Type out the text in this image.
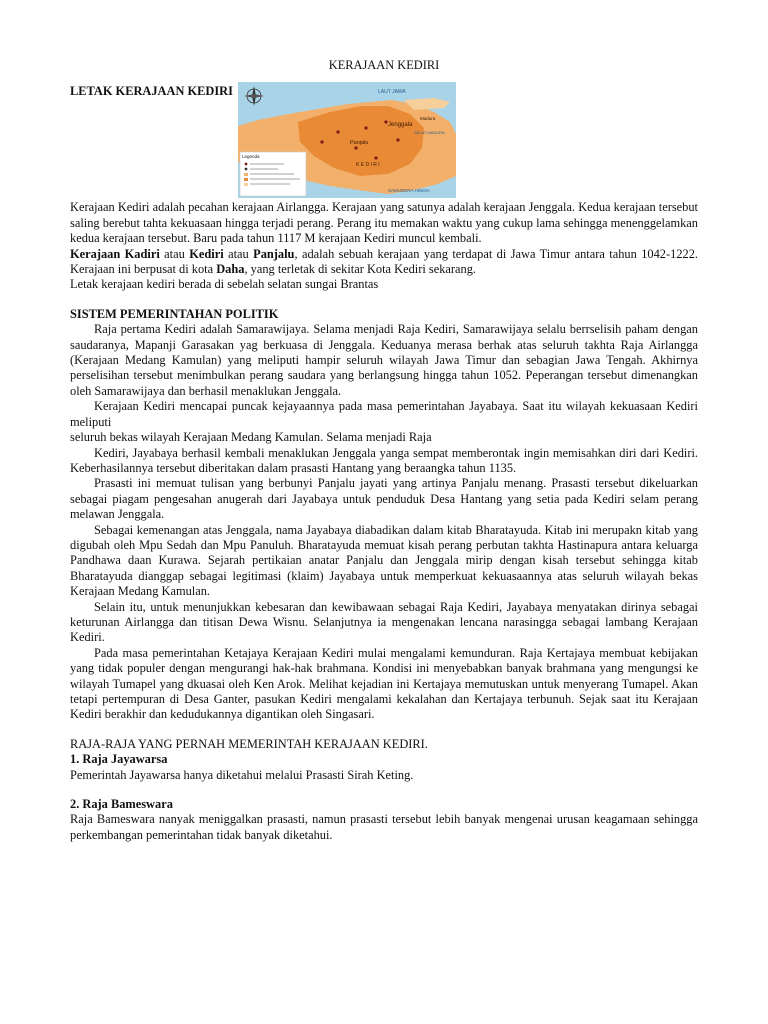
KERAJAAN KEDIRI

LETAK KERAJAAN KEDIRI	LAUT JAWA
Jenggala
Panjalu
K E D I R I
Madura
SELAT MADURA
SAMUDERA HINDIA
Legenda

Kerajaan Kediri adalah pecahan kerajaan Airlangga. Kerajaan yang satunya adalah kerajaan Jenggala. Kedua kerajaan tersebut saling berebut tahta kekuasaan hingga terjadi perang. Perang itu memakan waktu yang cukup lama sehingga menenggelamkan kedua kerajaan tersebut. Baru pada tahun 1117 M kerajaan Kediri muncul kembali.

Kerajaan Kadiri atau Kediri atau Panjalu, adalah sebuah kerajaan yang terdapat di Jawa Timur antara tahun 1042-1222. Kerajaan ini berpusat di kota Daha, yang terletak di sekitar Kota Kediri sekarang.

Letak kerajaan kediri berada di sebelah selatan sungai Brantas

SISTEM PEMERINTAHAN POLITIK

Raja pertama Kediri adalah Samarawijaya. Selama menjadi Raja Kediri, Samarawijaya selalu berrselisih paham dengan saudaranya, Mapanji Garasakan yag berkuasa di Jenggala. Keduanya merasa berhak atas seluruh takhta Raja Airlangga (Kerajaan Medang Kamulan) yang meliputi hampir seluruh wilayah Jawa Timur dan sebagian Jawa Tengah. Akhirnya perselisihan tersebut menimbulkan perang saudara yang berlangsung hingga tahun 1052. Peperangan tersebut dimenangkan oleh Samarawijaya dan berhasil menaklukan Jenggala.

Kerajaan Kediri mencapai puncak kejayaannya pada masa pemerintahan Jayabaya. Saat itu wilayah kekuasaan Kediri meliputi

seluruh bekas wilayah Kerajaan Medang Kamulan. Selama menjadi Raja

Kediri, Jayabaya berhasil kembali menaklukan Jenggala yanga sempat memberontak ingin memisahkan diri dari Kediri. Keberhasilannya tersebut diberitakan dalam prasasti Hantang yang beraangka tahun 1135.

Prasasti ini memuat tulisan yang berbunyi Panjalu jayati yang artinya Panjalu menang. Prasasti tersebut dikeluarkan sebagai piagam pengesahan anugerah dari Jayabaya untuk penduduk Desa Hantang yang setia pada Kediri selam perang melawan Jenggala.

Sebagai kemenangan atas Jenggala, nama Jayabaya diabadikan dalam kitab Bharatayuda. Kitab ini merupakn kitab yang digubah oleh Mpu Sedah dan Mpu Panuluh. Bharatayuda memuat kisah perang perbutan takhta Hastinapura antara keluarga Pandhawa daan Kurawa. Sejarah pertikaian anatar Panjalu dan Jenggala mirip dengan kisah tersebut sehingga kitab Bharatayuda dianggap sebagai legitimasi (klaim) Jayabaya untuk memperkuat kekuasaannya atas seluruh wilayah bekas Kerajaan Medang Kamulan.

Selain itu, untuk menunjukkan kebesaran dan kewibawaan sebagai Raja Kediri, Jayabaya menyatakan dirinya sebagai keturunan Airlangga dan titisan Dewa Wisnu. Selanjutnya ia mengenakan lencana narasingga sebagai lambang Kerajaan Kediri.

Pada masa pemerintahan Ketajaya Kerajaan Kediri mulai mengalami kemunduran. Raja Kertajaya membuat kebijakan yang tidak populer dengan mengurangi hak-hak brahmana. Kondisi ini menyebabkan banyak brahmana yang mengungsi ke wilayah Tumapel yang dkuasai oleh Ken Arok. Melihat kejadian ini Kertajaya memutuskan untuk menyerang Tumapel. Akan tetapi pertempuran di Desa Ganter, pasukan Kediri mengalami kekalahan dan Kertajaya terbunuh. Sejak saat itu Kerajaan Kediri berakhir dan kedudukannya digantikan oleh Singasari.

RAJA-RAJA YANG PERNAH MEMERINTAH KERAJAAN KEDIRI.

1. Raja Jayawarsa

Pemerintah Jayawarsa hanya diketahui melalui Prasasti Sirah Keting.

2. Raja Bameswara

Raja Bameswara nanyak meniggalkan prasasti, namun prasasti tersebut lebih banyak mengenai urusan keagamaan sehingga perkembangan pemerintahan tidak banyak diketahui.
